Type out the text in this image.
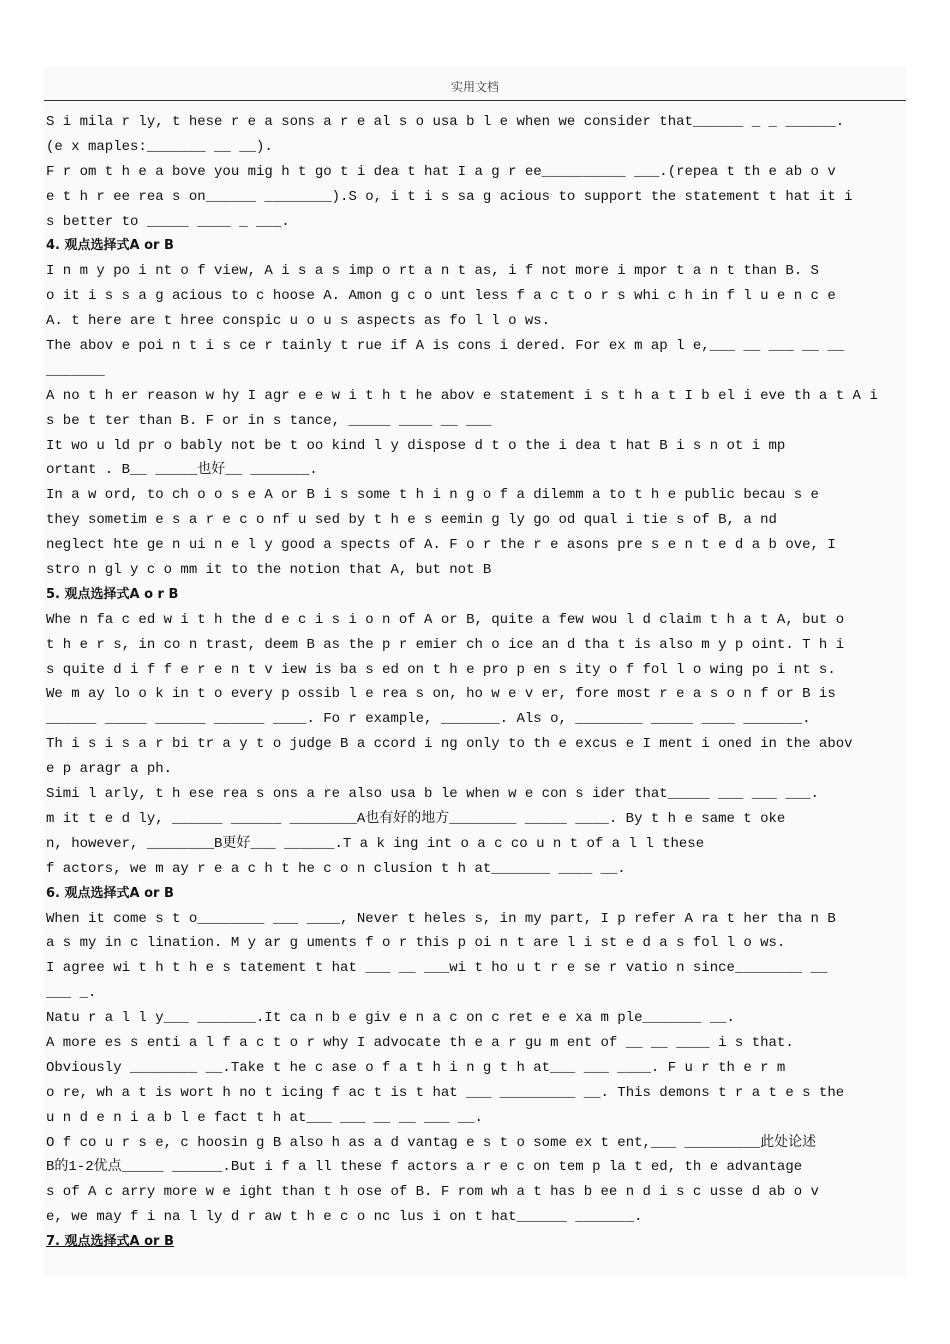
实用文档
S i mila r ly, t hese r e a sons a r e al s o usa b l e when we consider that______ _ _ ______.
(e x maples:_______ __ __).
F r om t h e a bove you mig h t go t i dea t hat I a g r ee__________ ___.(repea t th e ab o v
e t h r ee rea s on______ ________).S o, i t i s sa g acious to support the statement t hat it i
s better to _____ ____ _ ___.
4. 观点选择式A or B
I n m y po i nt o f view, A i s a s imp o rt a n t as, i f not more i mpor t a n t than B. S
o it i s s a g acious to c hoose A. Amon g c o unt less f a c t o r s whi c h in f l u e n c e
A. t here are t hree conspic u o u s aspects as fo l l o ws.
The abov e poi n t i s ce r tainly t rue if A is cons i dered. For ex m ap l e,___ __ ___ __ __
_______
A no t h er reason w hy I agr e e w i t h t he abov e statement i s t h a t I b el i eve th a t A i
s be t ter than B. F or in s tance, _____ ____ __ ___
It wo u ld pr o bably not be t oo kind l y dispose d t o the i dea t hat B i s n ot i mp
ortant . B__ _____也好__ _______.
In a w ord, to ch o o s e A or B i s some t h i n g o f a dilemm a to t h e public becau s e
they sometim e s a r e c o nf u sed by t h e s eemin g ly go od qual i tie s of B, a nd
neglect hte ge n ui n e l y good a spects of A. F o r the r e asons pre s e n t e d a b ove, I
stro n gl y c o mm it to the notion that A, but not B
5. 观点选择式A o r B
Whe n fa c ed w i t h the d e c i s i o n of A or B, quite a few wou l d claim t h a t A, but o
t h e r s, in co n trast, deem B as the p r emier ch o ice an d tha t is also m y p oint. T h i
s quite d i f f e r e n t v iew is ba s ed on t h e pro p en s ity o f fol l o wing po i nt s.
We m ay lo o k in t o every p ossib l e rea s on, ho w e v er, fore most r e a s o n f or B is
______ _____ ______ ______ ____. Fo r example, _______. Als o, ________ _____ ____ _______.
Th i s i s a r bi tr a y t o judge B a ccord i ng only to th e excus e I ment i oned in the abov
e p aragr a ph.
Simi l arly, t h ese rea s ons a re also usa b le when w e con s ider that_____ ___ ___ ___.
m it t e d ly, ______ ______ ________A也有好的地方________ _____ ____. By t h e same t oke
n, however, ________B更好___ ______.T a k ing int o a c co u n t of a l l these
f actors, we m ay r e a c h t he c o n clusion t h at_______ ____ __.
6. 观点选择式A or B
When it come s t o________ ___ ____, Never t heles s, in my part, I p refer A ra t her tha n B
a s my in c lination. M y ar g uments f o r this p oi n t are l i st e d a s fol l o ws.
I agree wi t h t h e s tatement t hat ___ __ ___wi t ho u t r e se r vatio n since________ __
___ _.
Natu r a l l y___ _______.It ca n b e giv e n a c on c ret e e xa m ple_______ __.
A more es s enti a l f a c t o r why I advocate th e a r gu m ent of __ __ ____ i s that.
Obviously ________ __.Take t he c ase o f a t h i n g t h at___ ___ ____. F u r th e r m
o re, wh a t is wort h no t icing f ac t is t hat ___ _________ __. This demons t r a t e s the
u n d e n i a b l e fact t h at___ ___ __ __ ___ __.
O f co u r s e, c hoosin g B also h as a d vantag e s t o some ex t ent,___ _________此处论述
B的1-2优点_____ ______.But i f a ll these f actors a r e c on tem p la t ed, th e advantage
s of A c arry more w e ight than t h ose of B. F rom wh a t has b ee n d i s c usse d ab o v
e, we may f i na l ly d r aw t h e c o nc lus i on t hat______ _______.
7. 观点选择式A or B
